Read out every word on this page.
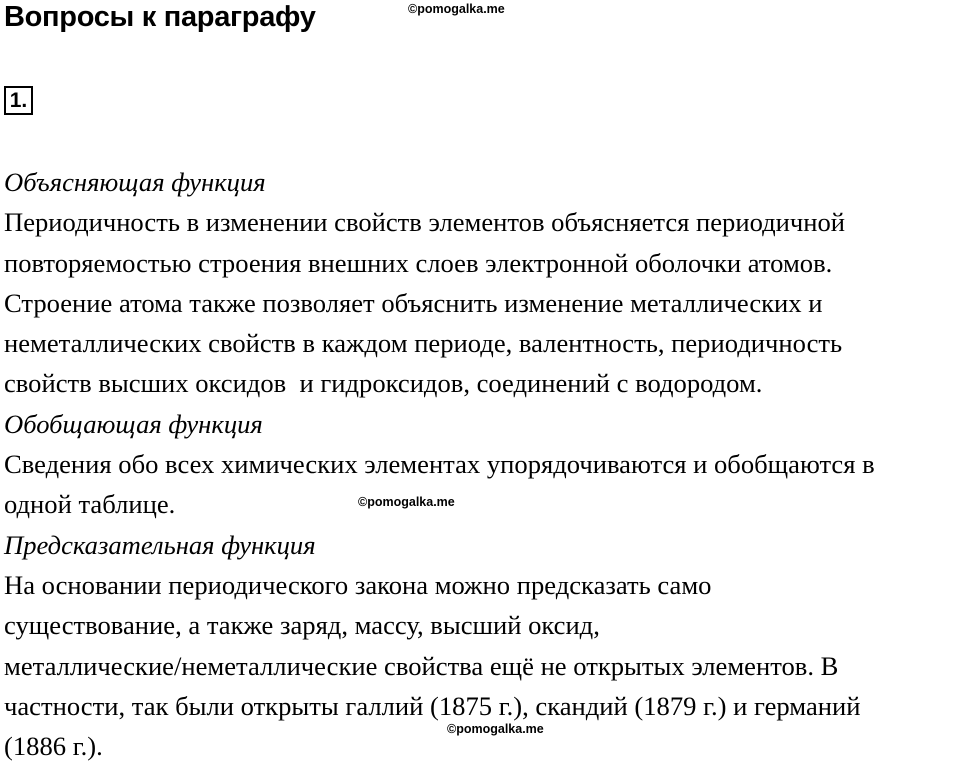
Вопросы к параграфу	©pomogalka.me
1.
Объясняющая функция
Периодичность в изменении свойств элементов объясняется периодичной
повторяемостью строения внешних слоев электронной оболочки атомов.
Строение атома также позволяет объяснить изменение металлических и
неметаллических свойств в каждом периоде, валентность, периодичность
свойств высших оксидов  и гидроксидов, соединений с водородом.
Обобщающая функция
Сведения обо всех химических элементах упорядочиваются и обобщаются в
одной таблице.
Предсказательная функция
На основании периодического закона можно предсказать само
существование, а также заряд, массу, высший оксид,
металлические/неметаллические свойства ещё не открытых элементов. В
частности, так были открыты галлий (1875 г.), скандий (1879 г.) и германий
(1886 г.).
©pomogalka.me
©pomogalka.me
